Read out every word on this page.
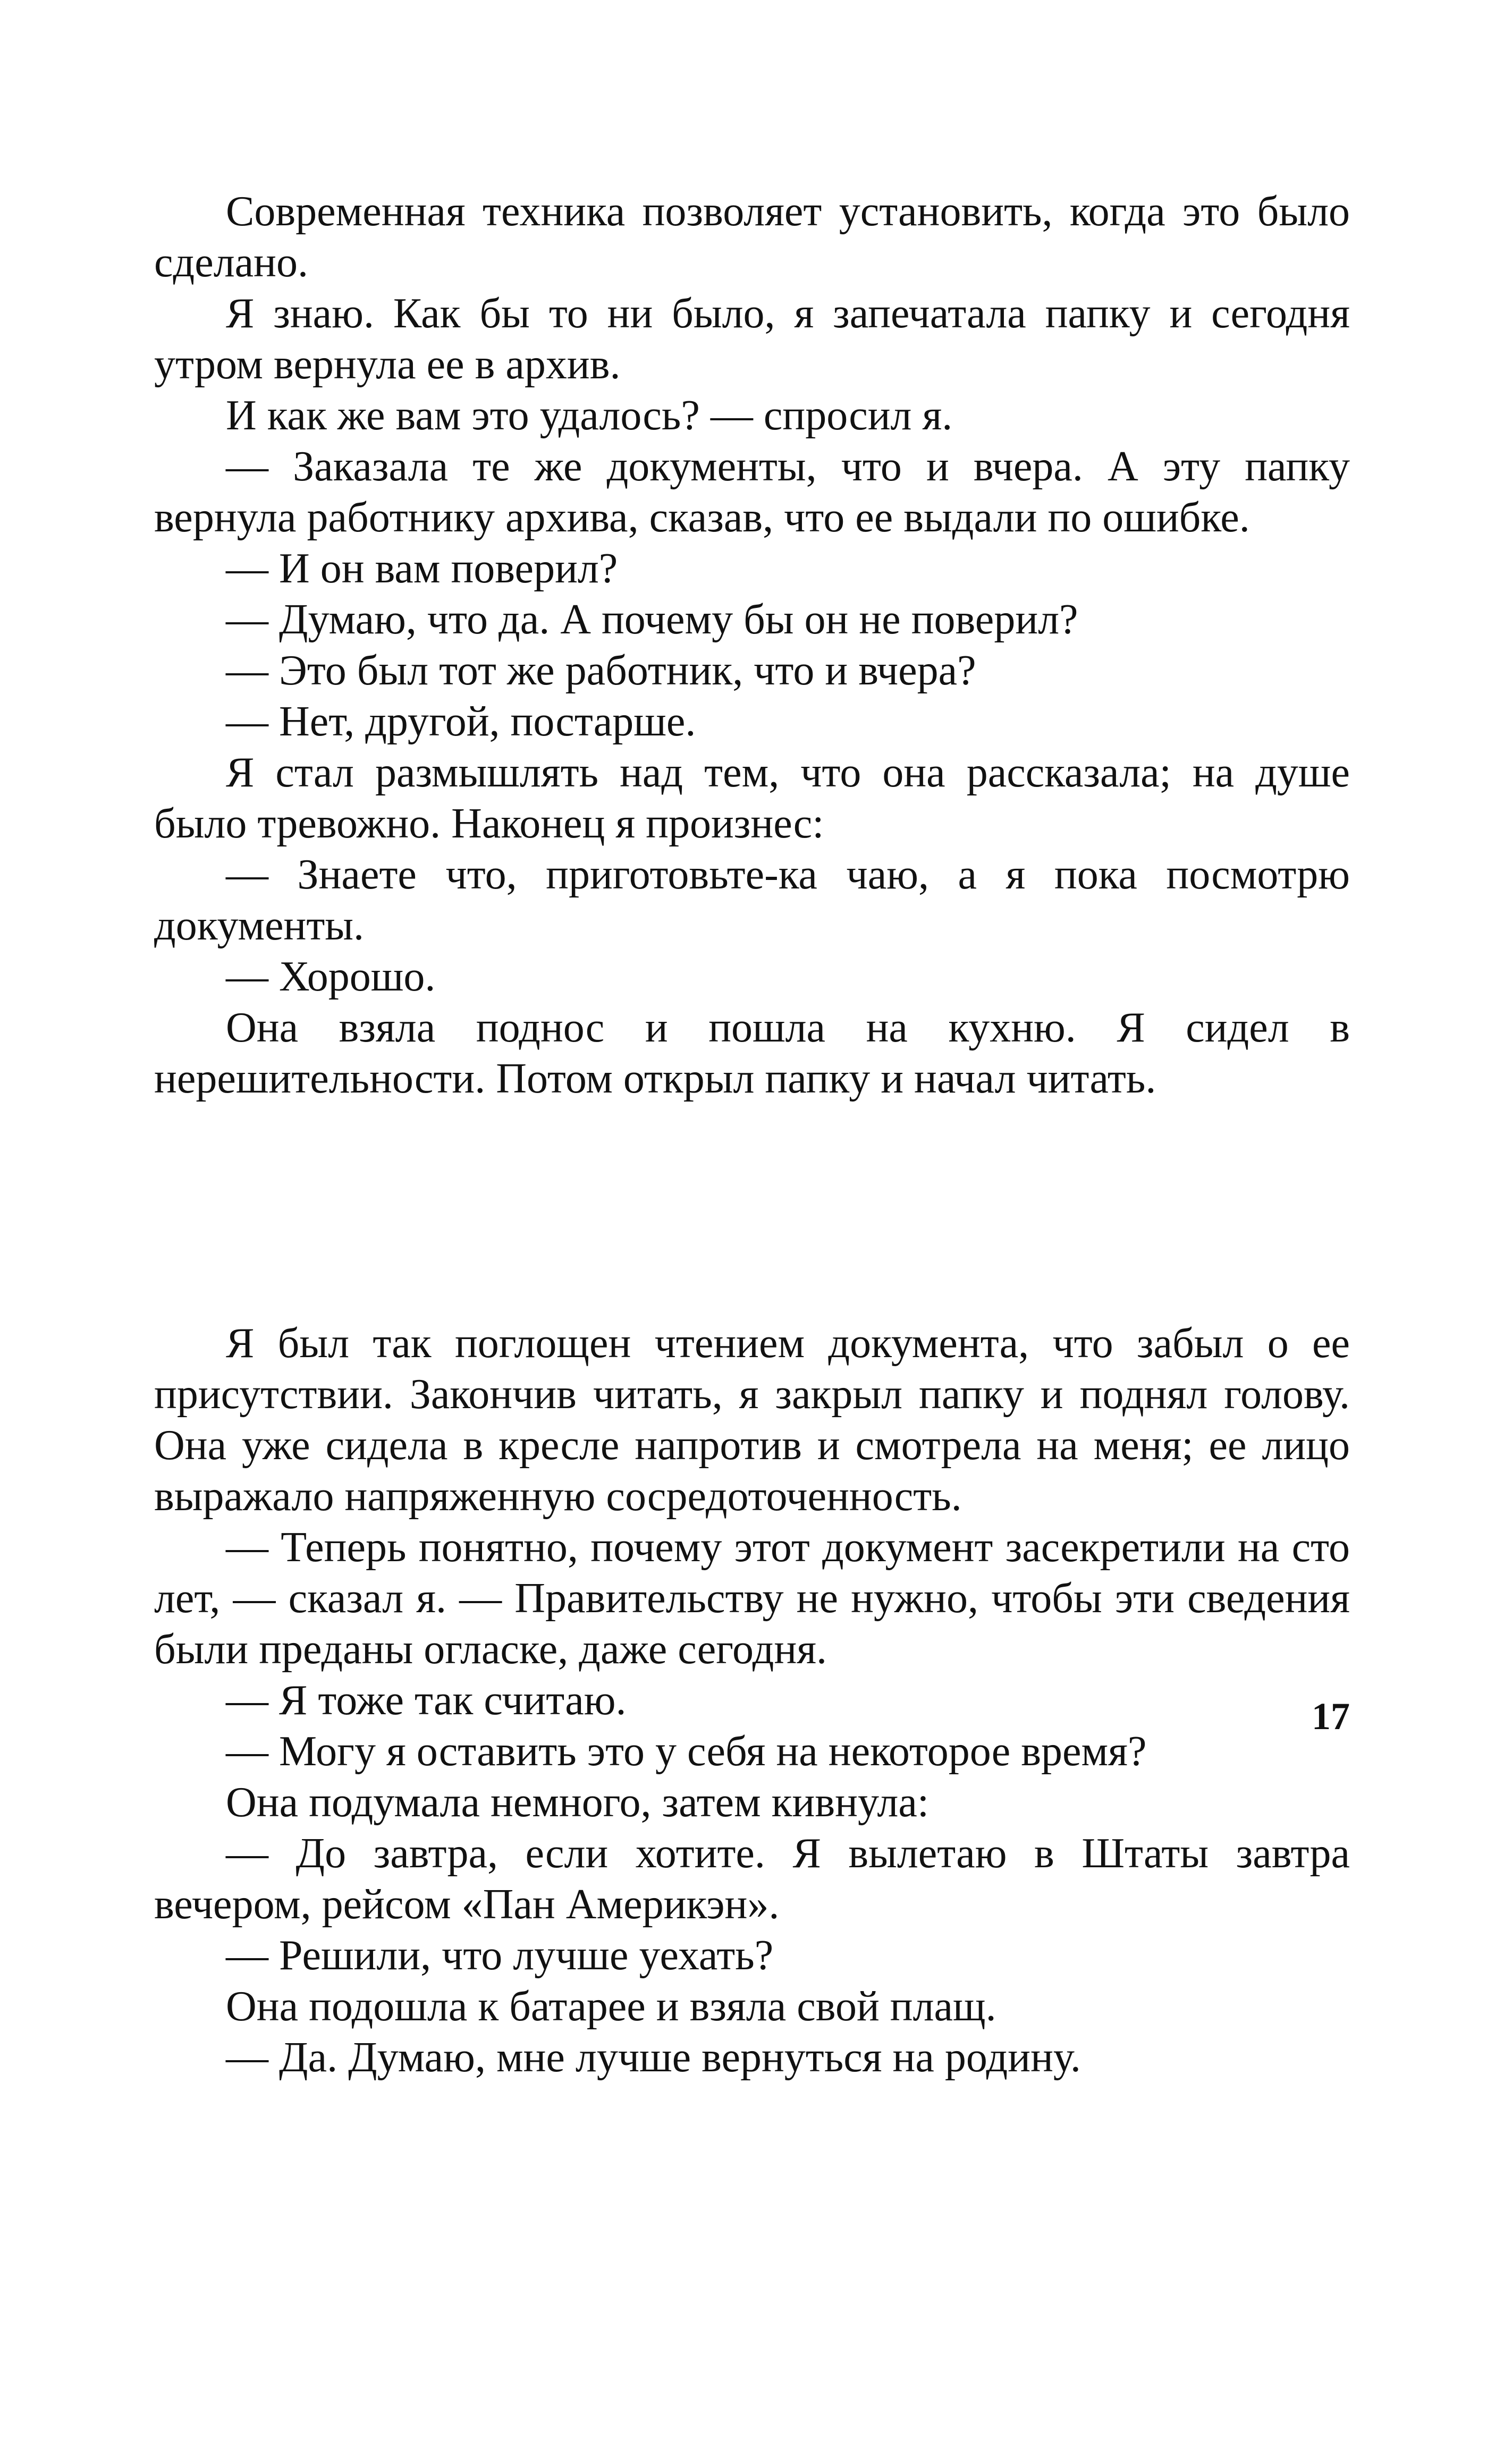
Современная техника позволяет установить, когда это было сделано.

Я знаю. Как бы то ни было, я запечатала папку и сегодня утром вернула ее в архив.

И как же вам это удалось? — спросил я.

— Заказала те же документы, что и вчера. А эту папку вернула работнику архива, сказав, что ее выдали по ошибке.

— И он вам поверил?

— Думаю, что да. А почему бы он не поверил?

— Это был тот же работник, что и вчера?

— Нет, другой, постарше.

Я стал размышлять над тем, что она рассказала; на душе было тревожно. Наконец я произнес:

— Знаете что, приготовьте-ка чаю, а я пока посмотрю документы.

— Хорошо.

Она взяла поднос и пошла на кухню. Я сидел в нерешительности. Потом открыл папку и начал читать.

Я был так поглощен чтением документа, что забыл о ее присутствии. Закончив читать, я закрыл папку и поднял голову. Она уже сидела в кресле напротив и смотрела на меня; ее лицо выражало напряженную сосредоточенность.

— Теперь понятно, почему этот документ засекретили на сто лет, — сказал я. — Правительству не нужно, чтобы эти сведения были преданы огласке, даже сегодня.

— Я тоже так считаю.

— Могу я оставить это у себя на некоторое время?

Она подумала немного, затем кивнула:

— До завтра, если хотите. Я вылетаю в Штаты завтра вечером, рейсом «Пан Америкэн».

— Решили, что лучше уехать?

Она подошла к батарее и взяла свой плащ.

— Да. Думаю, мне лучше вернуться на родину.

17
